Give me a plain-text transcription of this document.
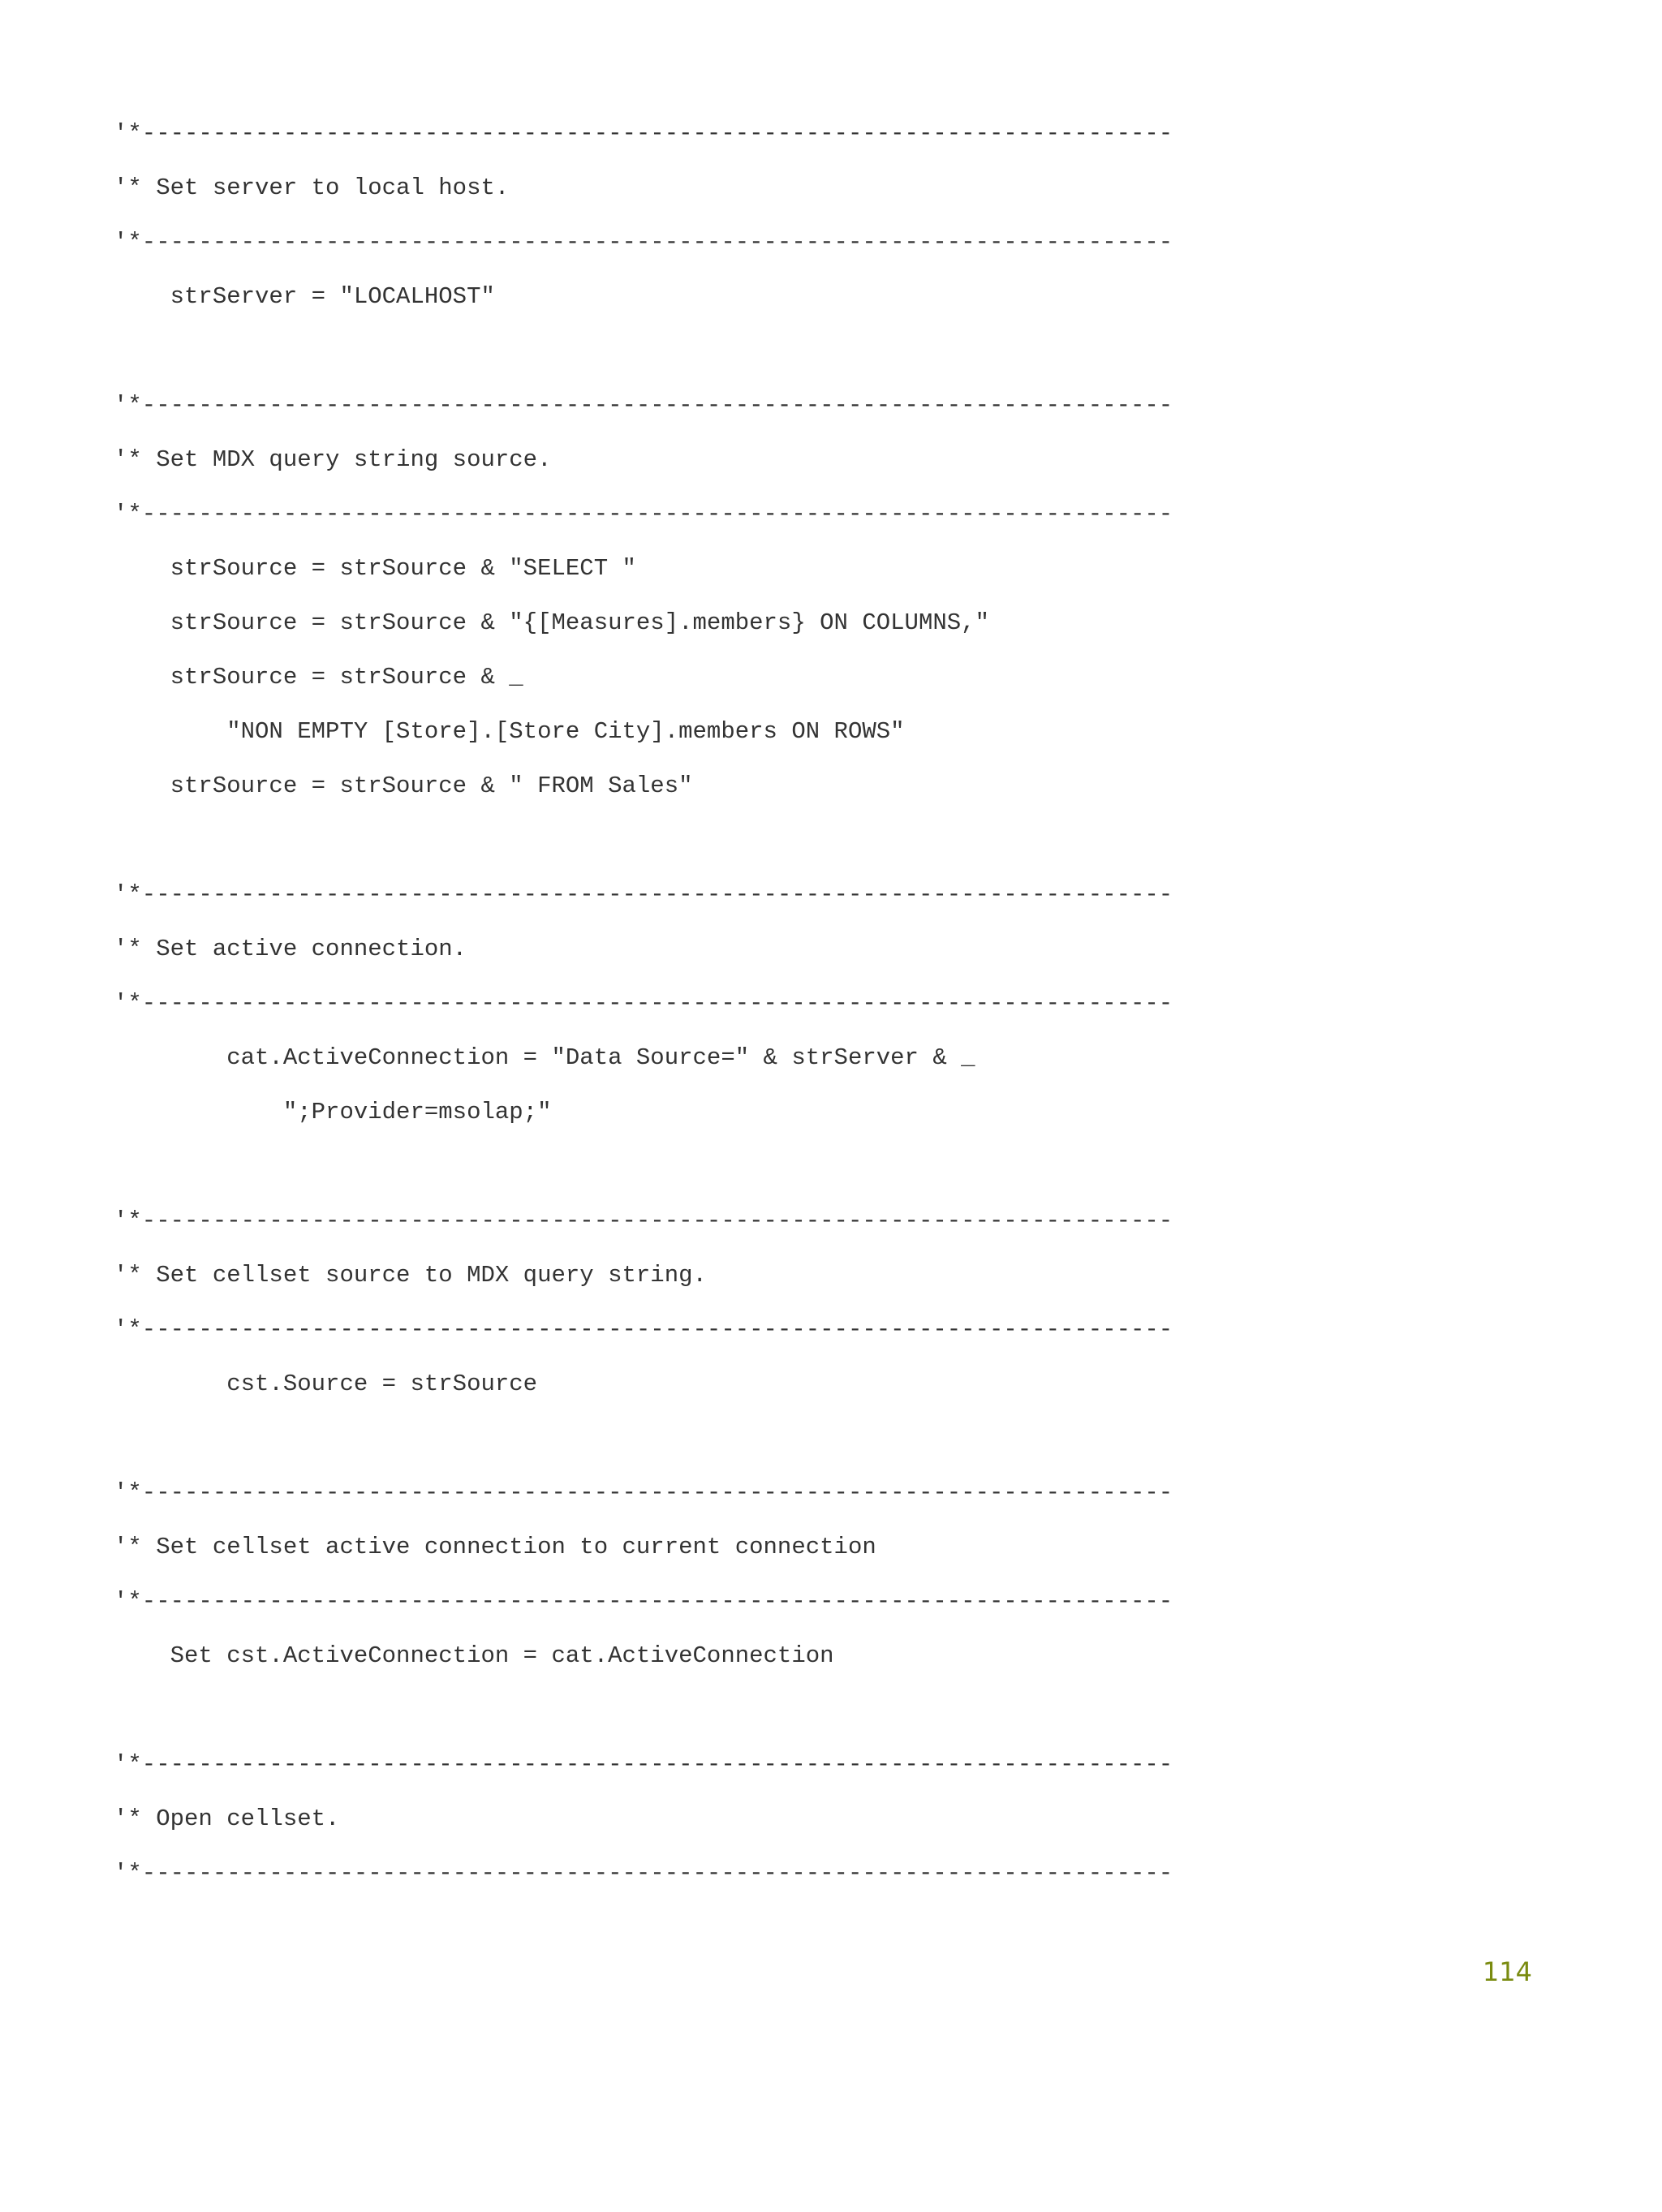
'*-------------------------------------------------------------------------
'* Set server to local host.
'*-------------------------------------------------------------------------
strServer = "LOCALHOST"
'*-------------------------------------------------------------------------
'* Set MDX query string source.
'*-------------------------------------------------------------------------
strSource = strSource & "SELECT "
strSource = strSource & "{[Measures].members} ON COLUMNS,"
strSource = strSource & _
"NON EMPTY [Store].[Store City].members ON ROWS"
strSource = strSource & " FROM Sales"
'*-------------------------------------------------------------------------
'* Set active connection.
'*-------------------------------------------------------------------------
cat.ActiveConnection = "Data Source=" & strServer & _
";Provider=msolap;"
'*-------------------------------------------------------------------------
'* Set cellset source to MDX query string.
'*-------------------------------------------------------------------------
cst.Source = strSource
'*-------------------------------------------------------------------------
'* Set cellset active connection to current connection
'*-------------------------------------------------------------------------
Set cst.ActiveConnection = cat.ActiveConnection
'*-------------------------------------------------------------------------
'* Open cellset.
'*-------------------------------------------------------------------------
114
